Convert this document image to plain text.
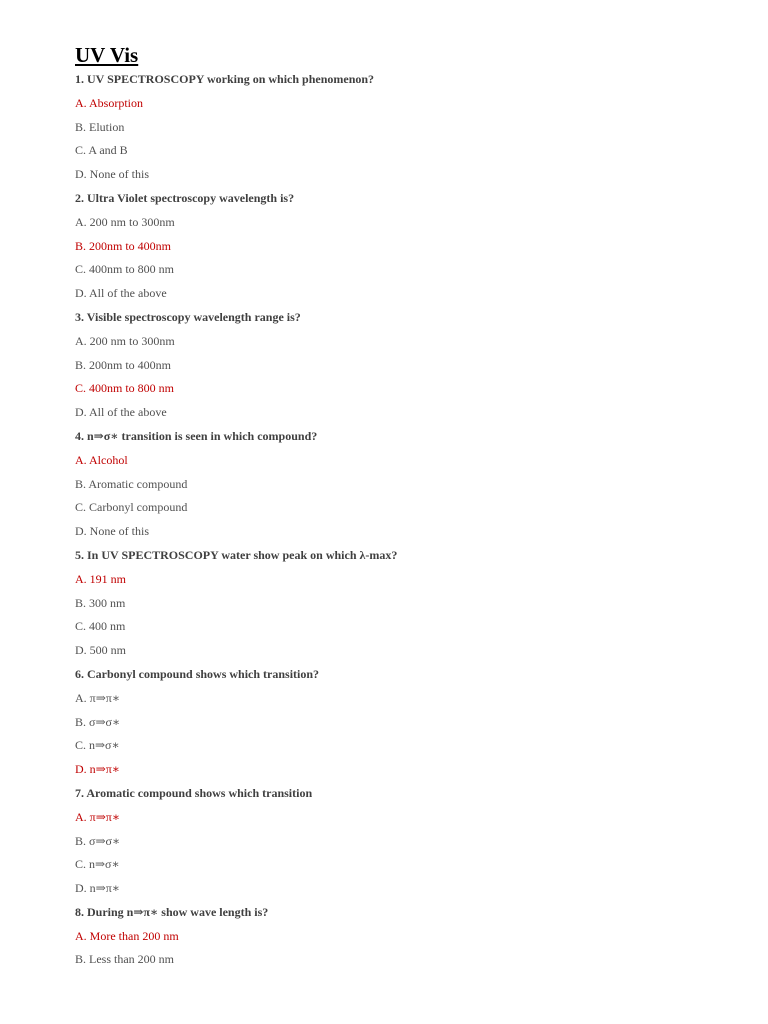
UV Vis
1. UV SPECTROSCOPY working on which phenomenon?
A. Absorption
B. Elution
C. A and B
D. None of this
2. Ultra Violet spectroscopy wavelength is?
A. 200 nm to 300nm
B. 200nm to 400nm
C. 400nm to 800 nm
D. All of the above
3. Visible spectroscopy wavelength range is?
A. 200 nm to 300nm
B. 200nm to 400nm
C. 400nm to 800 nm
D. All of the above
4. n⇒σ∗ transition is seen in which compound?
A. Alcohol
B. Aromatic compound
C. Carbonyl compound
D. None of this
5. In UV SPECTROSCOPY water show peak on which λ-max?
A. 191 nm
B. 300 nm
C. 400 nm
D. 500 nm
6. Carbonyl compound shows which transition?
A. π⇒π∗
B. σ⇒σ∗
C. n⇒σ∗
D. n⇒π∗
7. Aromatic compound shows which transition
A. π⇒π∗
B. σ⇒σ∗
C. n⇒σ∗
D. n⇒π∗
8. During n⇒π∗ show wave length is?
A. More than 200 nm
B. Less than 200 nm
